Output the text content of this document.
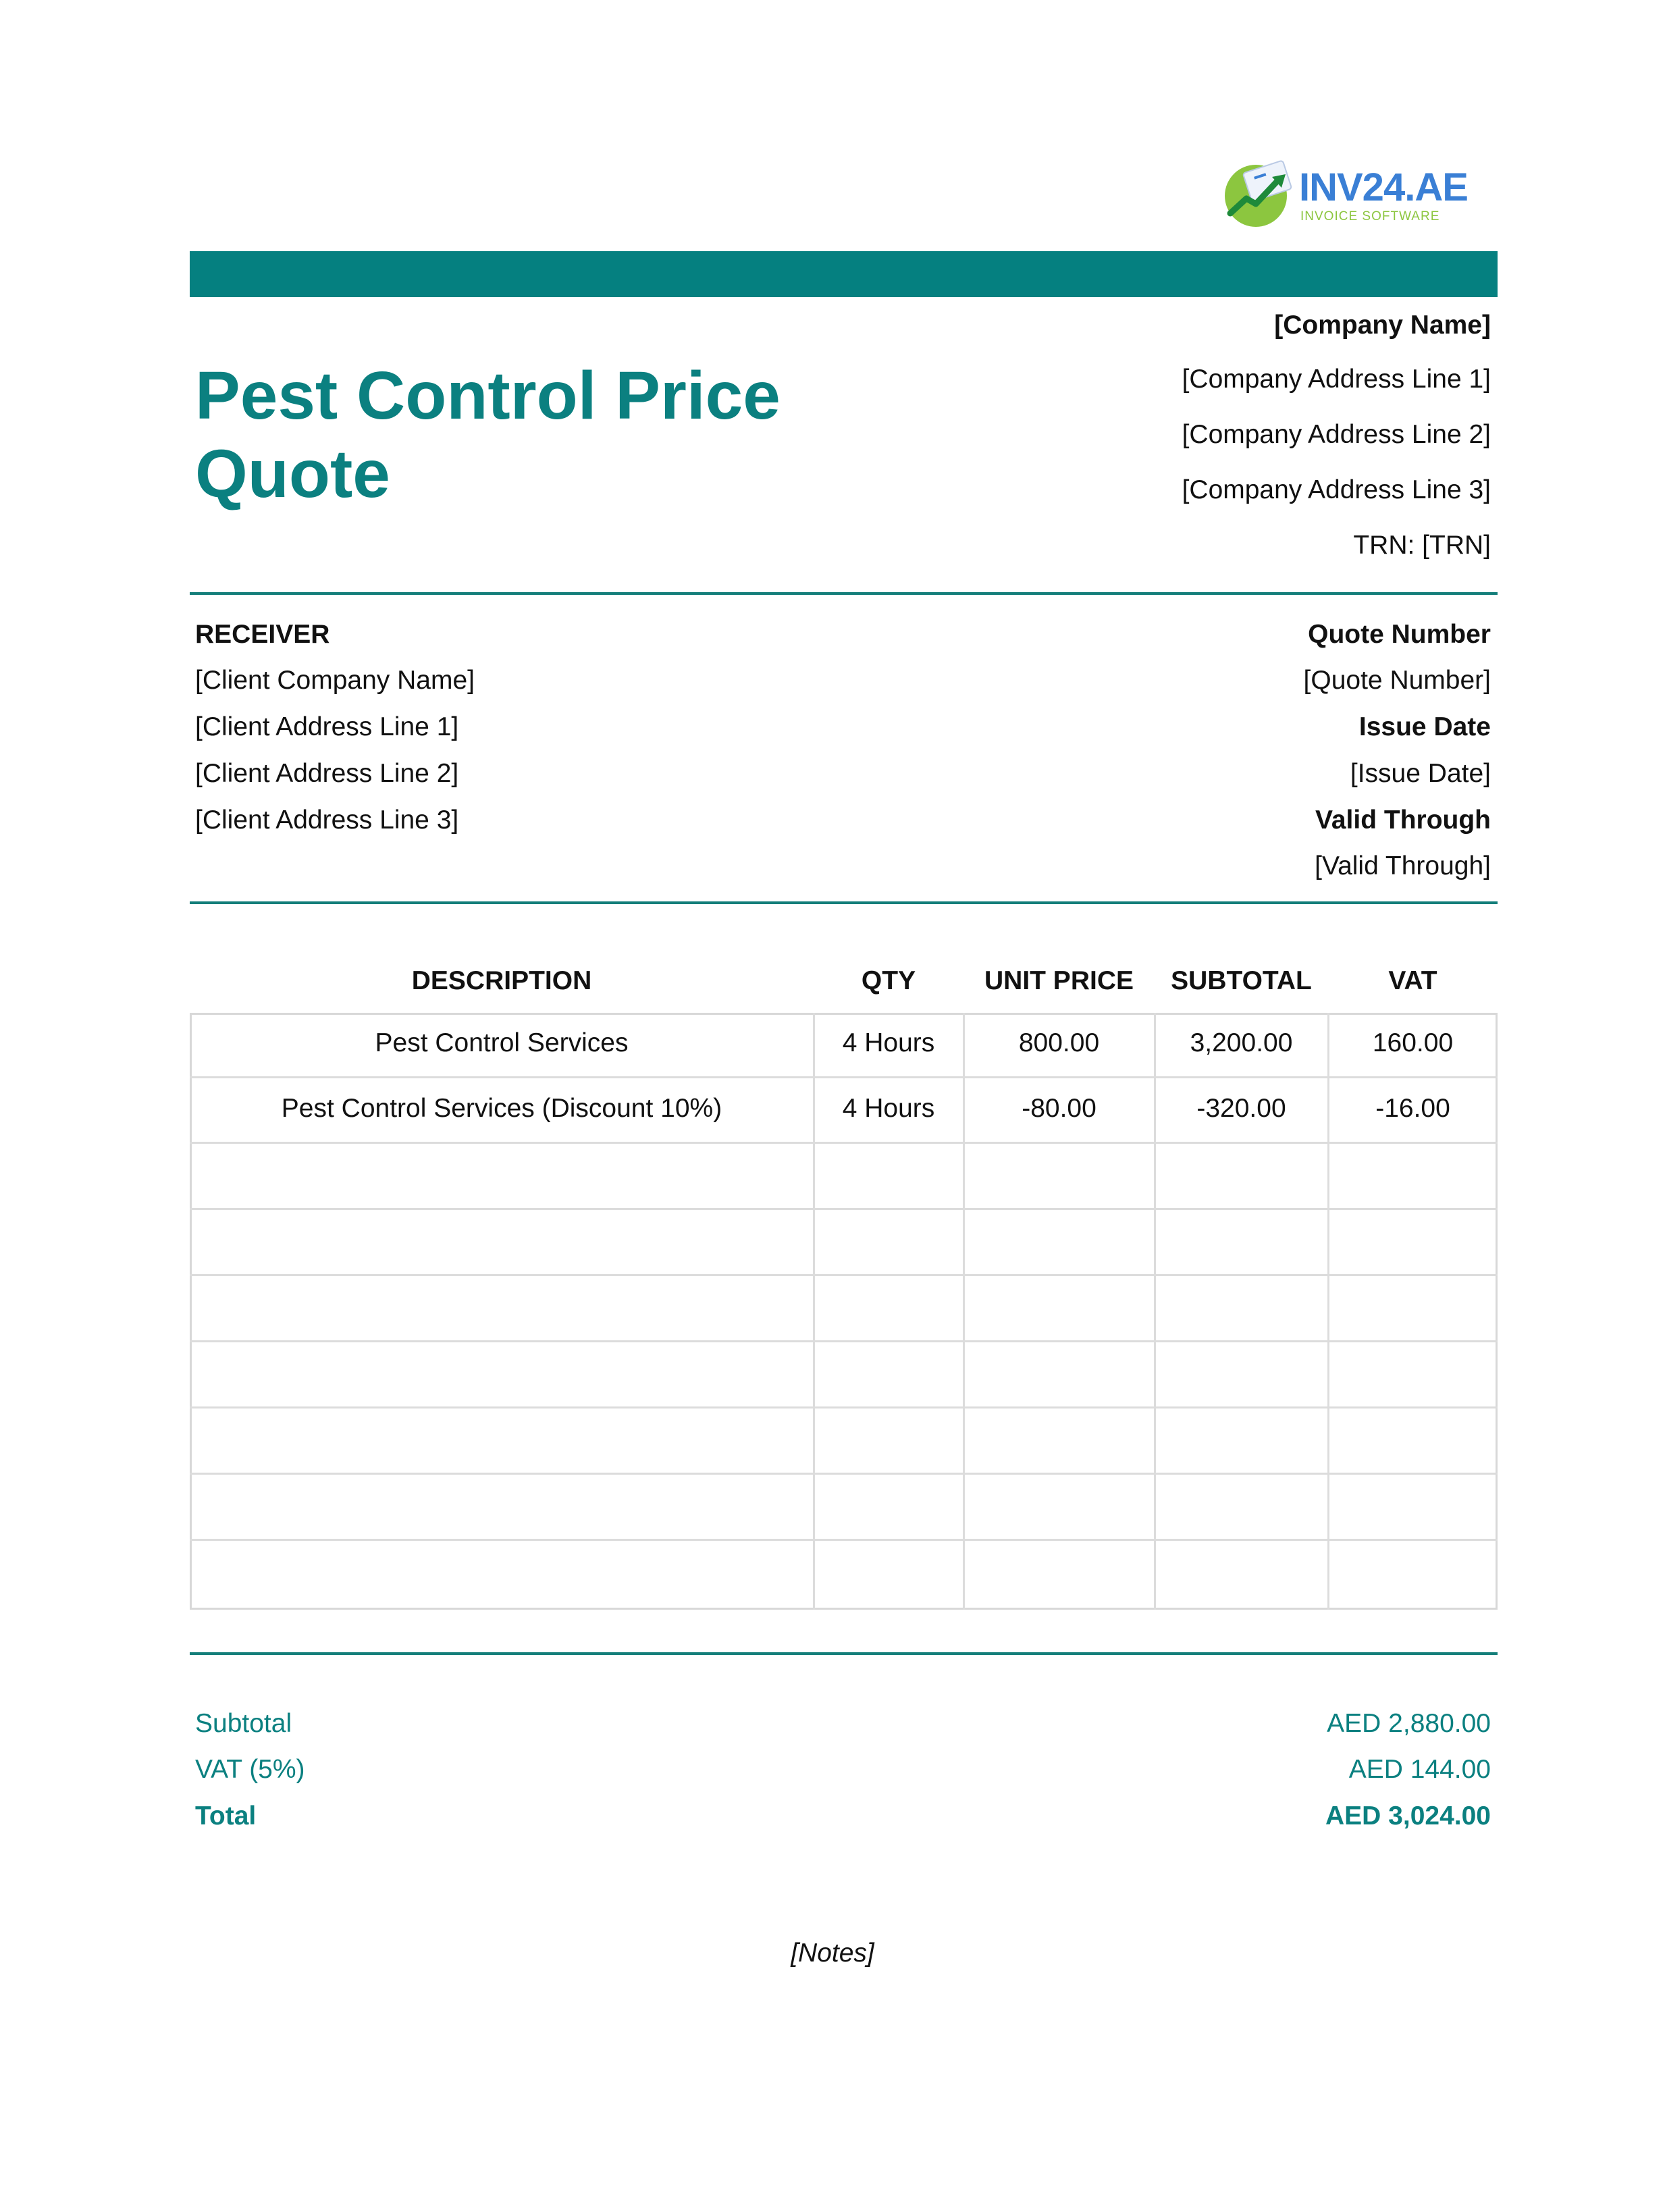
INV24.AE
INVOICE SOFTWARE
Pest Control Price
Quote
[Company Name]
[Company Address Line 1]
[Company Address Line 2]
[Company Address Line 3]
TRN: [TRN]
RECEIVER
[Client Company Name]
[Client Address Line 1]
[Client Address Line 2]
[Client Address Line 3]
Quote Number
[Quote Number]
Issue Date
[Issue Date]
Valid Through
[Valid Through]
DESCRIPTION	QTY	UNIT PRICE	SUBTOTAL	VAT
Pest Control Services	4 Hours	800.00	3,200.00	160.00
Pest Control Services (Discount 10%)	4 Hours	-80.00	-320.00	-16.00
Subtotal	AED 2,880.00
VAT (5%)	AED 144.00
Total	AED 3,024.00
[Notes]
